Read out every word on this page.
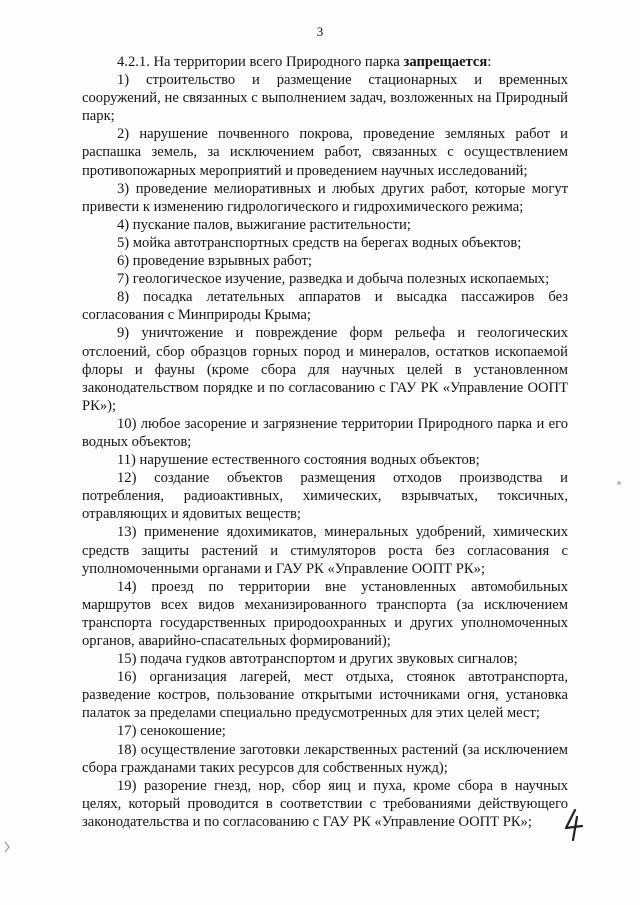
3

4.2.1. На территории всего Природного парка запрещается:

1) строительство и размещение стационарных и временных сооружений, не связанных с выполнением задач, возложенных на Природный парк;

2) нарушение почвенного покрова, проведение земляных работ и распашка земель, за исключением работ, связанных с осуществлением противопожарных мероприятий и проведением научных исследований;

3) проведение мелиоративных и любых других работ, которые могут привести к изменению гидрологического и гидрохимического режима;

4) пускание палов, выжигание растительности;

5) мойка автотранспортных средств на берегах водных объектов;

6) проведение взрывных работ;

7) геологическое изучение, разведка и добыча полезных ископаемых;

8) посадка летательных аппаратов и высадка пассажиров без согласования с Минприроды Крыма;

9) уничтожение и повреждение форм рельефа и геологических отслоений, сбор образцов горных пород и минералов, остатков ископаемой флоры и фауны (кроме сбора для научных целей в установленном законодательством порядке и по согласованию с ГАУ РК «Управление ООПТ РК»);

10) любое засорение и загрязнение территории Природного парка и его водных объектов;

11) нарушение естественного состояния водных объектов;

12) создание объектов размещения отходов производства и потребления, радиоактивных, химических, взрывчатых, токсичных, отравляющих и ядовитых веществ;

13) применение ядохимикатов, минеральных удобрений, химических средств защиты растений и стимуляторов роста без согласования с уполномоченными органами и ГАУ РК «Управление ООПТ РК»;

14) проезд по территории вне установленных автомобильных маршрутов всех видов механизированного транспорта (за исключением транспорта государственных природоохранных и других уполномоченных органов, аварийно-спасательных формирований);

15) подача гудков автотранспортом и других звуковых сигналов;

16) организация лагерей, мест отдыха, стоянок автотранспорта, разведение костров, пользование открытыми источниками огня, установка палаток за пределами специально предусмотренных для этих целей мест;

17) сенокошение;

18) осуществление заготовки лекарственных растений (за исключением сбора гражданами таких ресурсов для собственных нужд);

19) разорение гнезд, нор, сбор яиц и пуха, кроме сбора в научных целях, который проводится в соответствии с требованиями действующего законодательства и по согласованию с ГАУ РК «Управление ООПТ РК»;
